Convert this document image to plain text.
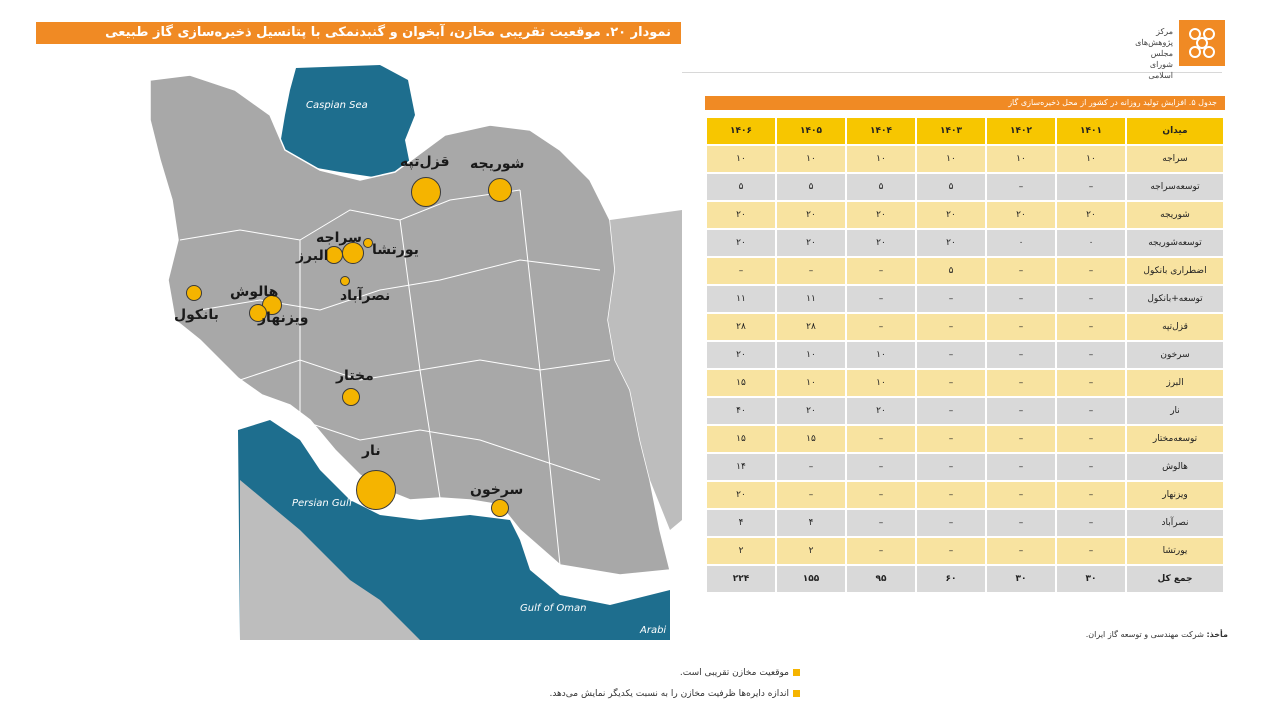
نمودار ۲۰. موقعیت تقریبی مخازن، آبخوان و گنبدنمکی با پتانسیل ذخیره‌سازی گاز طبیعی	مرکز پژوهش‌های مجلس شورای اسلامی
Caspian Sea
Persian Gulf
Gulf of Oman
Arabi
قزل‌تپه شوریجه
سراجه
یورتشا
البرز
نصرآباد
هالوش
ویزنهار
بانکول
مختار
نار
سرخون
جدول ۵. افزایش تولید روزانه در کشور از محل ذخیره‌سازی گاز
میدان	۱۴۰۱	۱۴۰۲	۱۴۰۳	۱۴۰۴	۱۴۰۵	۱۴۰۶
سراجه	۱۰	۱۰	۱۰	۱۰	۱۰	۱۰
توسعه‌سراجه	–	–	۵	۵	۵	۵
شوریجه	۲۰	۲۰	۲۰	۲۰	۲۰	۲۰
توسعه‌شوریجه	۰	۰	۲۰	۲۰	۲۰	۲۰
اضطراری بانکول	–	–	۵	–	–	–
توسعه+بانکول	–	–	–	–	۱۱	۱۱
قزل‌تپه	–	–	–	–	۲۸	۲۸
سرخون	–	–	–	۱۰	۱۰	۲۰
البرز	–	–	–	۱۰	۱۰	۱۵
نار	–	–	–	۲۰	۲۰	۴۰
توسعه‌مختار	–	–	–	–	۱۵	۱۵
هالوش	–	–	–	–	–	۱۴
ویزنهار	–	–	–	–	–	۲۰
نصرآباد	–	–	–	–	۴	۴
یورتشا	–	–	–	–	۲	۲
جمع کل	۳۰	۳۰	۶۰	۹۵	۱۵۵	۲۲۴
مأخذ: شرکت مهندسی و توسعه گاز ایران.
موقعیت مخازن تقریبی است.
اندازه دایره‌ها ظرفیت مخازن را به نسبت یکدیگر نمایش می‌دهد.
